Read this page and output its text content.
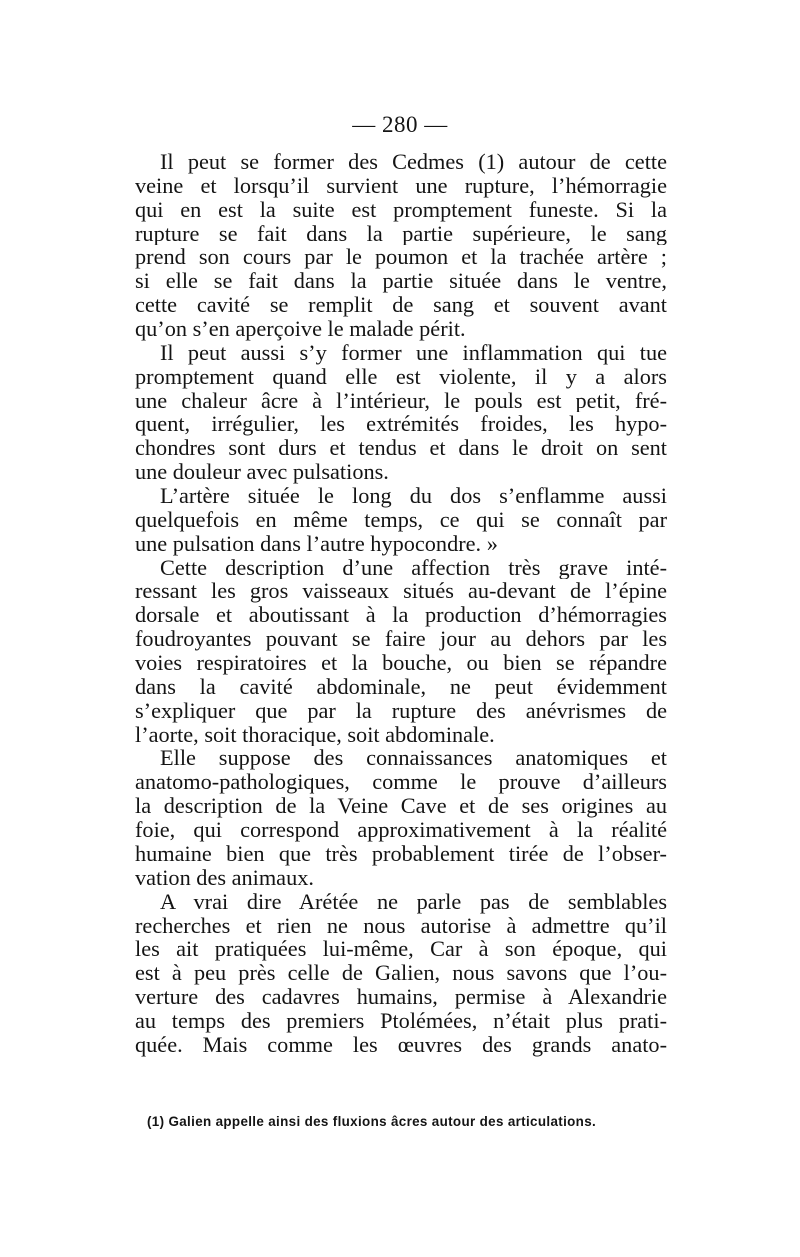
— 280 —
Il peut se former des Cedmes (1) autour de cette
veine et lorsqu’il survient une rupture, l’hémorragie
qui en est la suite est promptement funeste. Si la
rupture se fait dans la partie supérieure, le sang
prend son cours par le poumon et la trachée artère ;
si elle se fait dans la partie située dans le ventre,
cette cavité se remplit de sang et souvent avant
qu’on s’en aperçoive le malade périt.
Il peut aussi s’y former une inflammation qui tue
promptement quand elle est violente, il y a alors
une chaleur âcre à l’intérieur, le pouls est petit, fré-
quent, irrégulier, les extrémités froides, les hypo-
chondres sont durs et tendus et dans le droit on sent
une douleur avec pulsations.
L’artère située le long du dos s’enflamme aussi
quelquefois en même temps, ce qui se connaît par
une pulsation dans l’autre hypocondre. »
Cette description d’une affection très grave inté-
ressant les gros vaisseaux situés au-devant de l’épine
dorsale et aboutissant à la production d’hémorragies
foudroyantes pouvant se faire jour au dehors par les
voies respiratoires et la bouche, ou bien se répandre
dans la cavité abdominale, ne peut évidemment
s’expliquer que par la rupture des anévrismes de
l’aorte, soit thoracique, soit abdominale.
Elle suppose des connaissances anatomiques et
anatomo-pathologiques, comme le prouve d’ailleurs
la description de la Veine Cave et de ses origines au
foie, qui correspond approximativement à la réalité
humaine bien que très probablement tirée de l’obser-
vation des animaux.
A vrai dire Arétée ne parle pas de semblables
recherches et rien ne nous autorise à admettre qu’il
les ait pratiquées lui-même, Car à son époque, qui
est à peu près celle de Galien, nous savons que l’ou-
verture des cadavres humains, permise à Alexandrie
au temps des premiers Ptolémées, n’était plus prati-
quée. Mais comme les œuvres des grands anato-
(1) Galien appelle ainsi des fluxions âcres autour des articulations.
